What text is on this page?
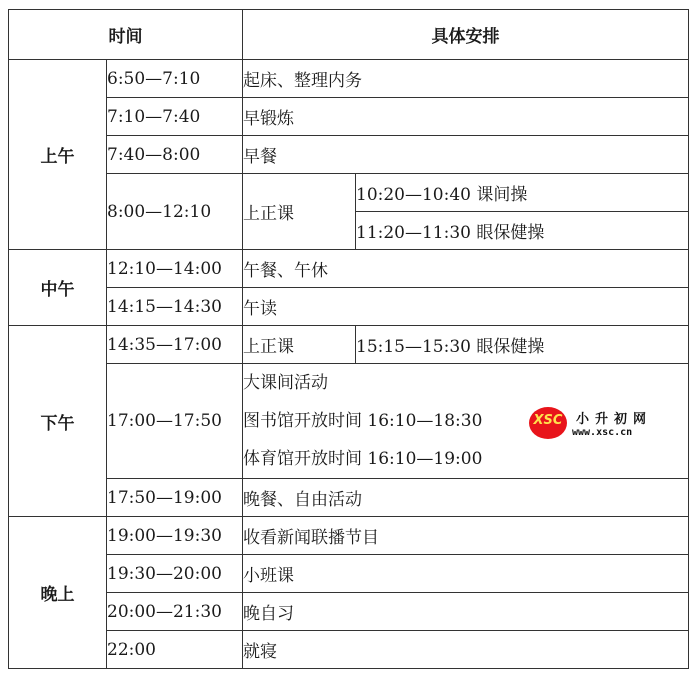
时间		具体安排	
上午	6:50—7:10	起床、整理内务	
	7:10—7:40	早锻炼	
	7:40—8:00	早餐	
	8:00—12:10	上正课	10:20—10:40 课间操
			11:20—11:30 眼保健操
中午	12:10—14:00	午餐、午休	
	14:15—14:30	午读	
下午	14:35—17:00	上正课	15:15—15:30 眼保健操

	17:00—17:50	大课间活动
图书馆开放时间 16:10—18:30
体育馆开放时间 16:10—19:00	

	17:50—19:00	晚餐、自由活动	
晚上	19:00—19:30	收看新闻联播节目	
	19:30—20:00	小班课	
	20:00—21:30	晚自习	
	22:00	就寝	
XSC	小升初网
www.xsc.cn
